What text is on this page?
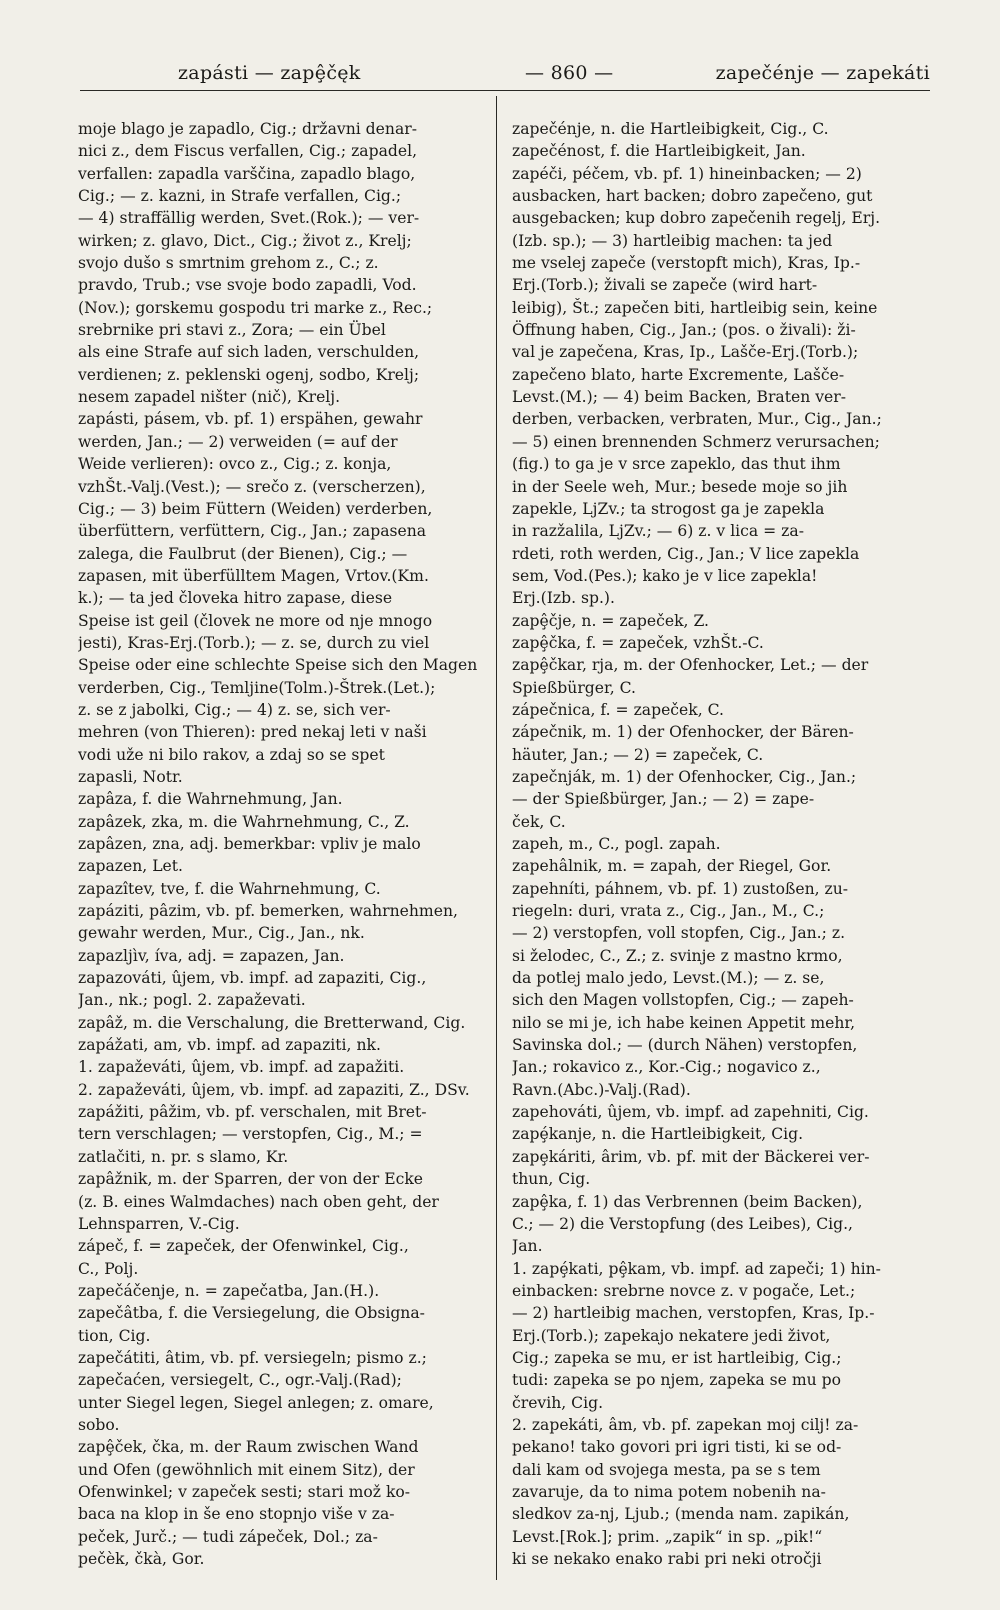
zapásti — zapȩ̂čęk	— 860 —	zapečénje — zapekáti
moje blago je zapadlo, Cig.; državni denar-
nici z., dem Fiscus verfallen, Cig.; zapadel,
verfallen: zapadla varščina, zapadlo blago,
Cig.; — z. kazni, in Strafe verfallen, Cig.;
— 4) straffällig werden, Svet.(Rok.); — ver-
wirken; z. glavo, Dict., Cig.; život z., Krelj;
svojo dušo s smrtnim grehom z., C.; z.
pravdo, Trub.; vse svoje bodo zapadli, Vod.
(Nov.); gorskemu gospodu tri marke z., Rec.;
srebrnike pri stavi z., Zora; — ein Übel
als eine Strafe auf sich laden, verschulden,
verdienen; z. peklenski ogenj, sodbo, Krelj;
nesem zapadel ništer (nič), Krelj.
zapásti, pásem, vb. pf. 1) erspähen, gewahr
werden, Jan.; — 2) verweiden (= auf der
Weide verlieren): ovco z., Cig.; z. konja,
vzhŠt.-Valj.(Vest.); — srečo z. (verscherzen),
Cig.; — 3) beim Füttern (Weiden) verderben,
überfüttern, verfüttern, Cig., Jan.; zapasena
zalega, die Faulbrut (der Bienen), Cig.; —
zapasen, mit überfülltem Magen, Vrtov.(Km.
k.); — ta jed človeka hitro zapase, diese
Speise ist geil (človek ne more od nje mnogo
jesti), Kras-Erj.(Torb.); — z. se, durch zu viel
Speise oder eine schlechte Speise sich den Magen
verderben, Cig., Temljine(Tolm.)-Štrek.(Let.);
z. se z jabolki, Cig.; — 4) z. se, sich ver-
mehren (von Thieren): pred nekaj leti v naši
vodi uže ni bilo rakov, a zdaj so se spet
zapasli, Notr.
zapâza, f. die Wahrnehmung, Jan.
zapâzek, zka, m. die Wahrnehmung, C., Z.
zapâzen, zna, adj. bemerkbar: vpliv je malo
zapazen, Let.
zapazîtev, tve, f. die Wahrnehmung, C.
zapáziti, pâzim, vb. pf. bemerken, wahrnehmen,
gewahr werden, Mur., Cig., Jan., nk.
zapazljìv, íva, adj. = zapazen, Jan.
zapazováti, ûjem, vb. impf. ad zapaziti, Cig.,
Jan., nk.; pogl. 2. zapaževati.
zapâž, m. die Verschalung, die Bretterwand, Cig.
zapážati, am, vb. impf. ad zapaziti, nk.
1. zapaževáti, ûjem, vb. impf. ad zapažiti.
2. zapaževáti, ûjem, vb. impf. ad zapaziti, Z., DSv.
zapážiti, pâžim, vb. pf. verschalen, mit Bret-
tern verschlagen; — verstopfen, Cig., M.; =
zatlačiti, n. pr. s slamo, Kr.
zapâžnik, m. der Sparren, der von der Ecke
(z. B. eines Walmdaches) nach oben geht, der
Lehnsparren, V.-Cig.
zápeč, f. = zapeček, der Ofenwinkel, Cig.,
C., Polj.
zapečáčenje, n. = zapečatba, Jan.(H.).
zapečâtba, f. die Versiegelung, die Obsigna-
tion, Cig.
zapečátiti, âtim, vb. pf. versiegeln; pismo z.;
zapečaćen, versiegelt, C., ogr.-Valj.(Rad);
unter Siegel legen, Siegel anlegen; z. omare,
sobo.
zapȩ̂ček, čka, m. der Raum zwischen Wand
und Ofen (gewöhnlich mit einem Sitz), der
Ofenwinkel; v zapeček sesti; stari mož ko-
baca na klop in še eno stopnjo više v za-
peček, Jurč.; — tudi zápeček, Dol.; za-
pečèk, čkà, Gor.
zapečénje, n. die Hartleibigkeit, Cig., C.
zapečénost, f. die Hartleibigkeit, Jan.
zapéči, péčem, vb. pf. 1) hineinbacken; — 2)
ausbacken, hart backen; dobro zapečeno, gut
ausgebacken; kup dobro zapečenih regelj, Erj.
(Izb. sp.); — 3) hartleibig machen: ta jed
me vselej zapeče (verstopft mich), Kras, Ip.-
Erj.(Torb.); živali se zapeče (wird hart-
leibig), Št.; zapečen biti, hartleibig sein, keine
Öffnung haben, Cig., Jan.; (pos. o živali): ži-
val je zapečena, Kras, Ip., Lašče-Erj.(Torb.);
zapečeno blato, harte Excremente, Lašče-
Levst.(M.); — 4) beim Backen, Braten ver-
derben, verbacken, verbraten, Mur., Cig., Jan.;
— 5) einen brennenden Schmerz verursachen;
(fig.) to ga je v srce zapeklo, das thut ihm
in der Seele weh, Mur.; besede moje so jih
zapekle, LjZv.; ta strogost ga je zapekla
in razžalila, LjZv.; — 6) z. v lica = za-
rdeti, roth werden, Cig., Jan.; V lice zapekla
sem, Vod.(Pes.); kako je v lice zapekla!
Erj.(Izb. sp.).
zapȩ̂čje, n. = zapeček, Z.
zapȩ̂čka, f. = zapeček, vzhŠt.-C.
zapȩ̂čkar, rja, m. der Ofenhocker, Let.; — der
Spießbürger, C.
zápečnica, f. = zapeček, C.
zápečnik, m. 1) der Ofenhocker, der Bären-
häuter, Jan.; — 2) = zapeček, C.
zapečnják, m. 1) der Ofenhocker, Cig., Jan.;
— der Spießbürger, Jan.; — 2) = zape-
ček, C.
zapeh, m., C., pogl. zapah.
zapehâlnik, m. = zapah, der Riegel, Gor.
zapehníti, páhnem, vb. pf. 1) zustoßen, zu-
riegeln: duri, vrata z., Cig., Jan., M., C.;
— 2) verstopfen, voll stopfen, Cig., Jan.; z.
si želodec, C., Z.; z. svinje z mastno krmo,
da potlej malo jedo, Levst.(M.); — z. se,
sich den Magen vollstopfen, Cig.; — zapeh-
nilo se mi je, ich habe keinen Appetit mehr,
Savinska dol.; — (durch Nähen) verstopfen,
Jan.; rokavico z., Kor.-Cig.; nogavico z.,
Ravn.(Abc.)-Valj.(Rad).
zapehováti, ûjem, vb. impf. ad zapehniti, Cig.
zapȩ́kanje, n. die Hartleibigkeit, Cig.
zapȩkáriti, ârim, vb. pf. mit der Bäckerei ver-
thun, Cig.
zapȩ̂ka, f. 1) das Verbrennen (beim Backen),
C.; — 2) die Verstopfung (des Leibes), Cig.,
Jan.
1. zapȩ́kati, pȩ̂kam, vb. impf. ad zapeči; 1) hin-
einbacken: srebrne novce z. v pogače, Let.;
— 2) hartleibig machen, verstopfen, Kras, Ip.-
Erj.(Torb.); zapekajo nekatere jedi život,
Cig.; zapeka se mu, er ist hartleibig, Cig.;
tudi: zapeka se po njem, zapeka se mu po
črevih, Cig.
2. zapekáti, âm, vb. pf. zapekan moj cilj! za-
pekano! tako govori pri igri tisti, ki se od-
dali kam od svojega mesta, pa se s tem
zavaruje, da to nima potem nobenih na-
sledkov za-nj, Ljub.; (menda nam. zapikán,
Levst.[Rok.]; prim. „zapik“ in sp. „pik!“
ki se nekako enako rabi pri neki otročji
